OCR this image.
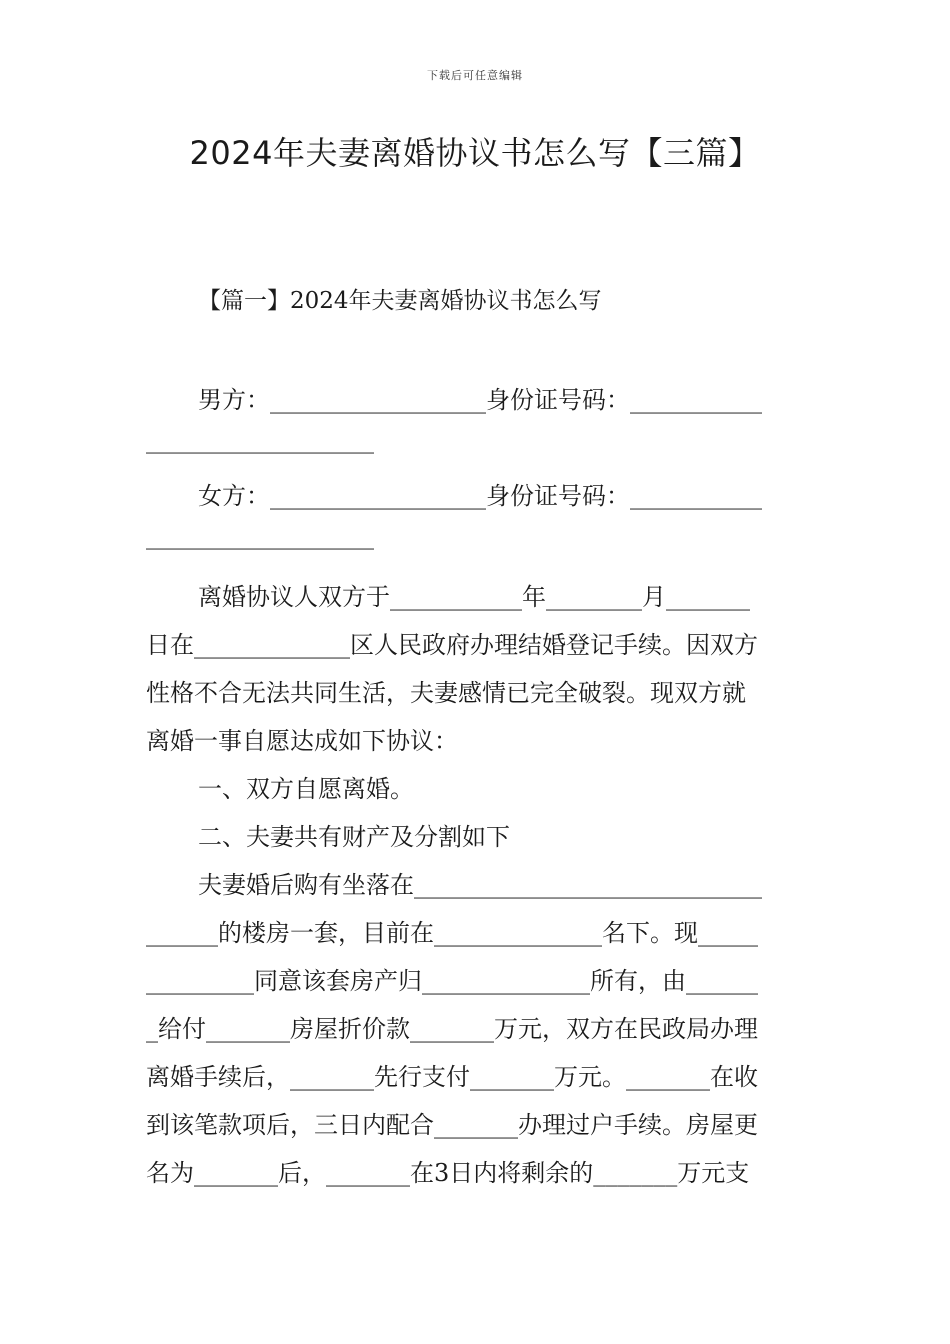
下载后可任意编辑
2024年夫妻离婚协议书怎么写【三篇】
【篇一】2024年夫妻离婚协议书怎么写
男方：__________________身份证号码：___________
___________________
女方：__________________身份证号码：___________
___________________
离婚协议人双方于___________年________月_______
日在_____________区人民政府办理结婚登记手续。因双方
性格不合无法共同生活，夫妻感情已完全破裂。现双方就
离婚一事自愿达成如下协议：
一、双方自愿离婚。
二、夫妻共有财产及分割如下
夫妻婚后购有坐落在_____________________________
______的楼房一套，目前在______________名下。现_____
_________同意该套房产归______________所有，由______
_给付_______房屋折价款_______万元，双方在民政局办理
离婚手续后，_______先行支付_______万元。_______在收
到该笔款项后，三日内配合_______办理过户手续。房屋更
名为_______后，_______在3日内将剩余的_______万元支
